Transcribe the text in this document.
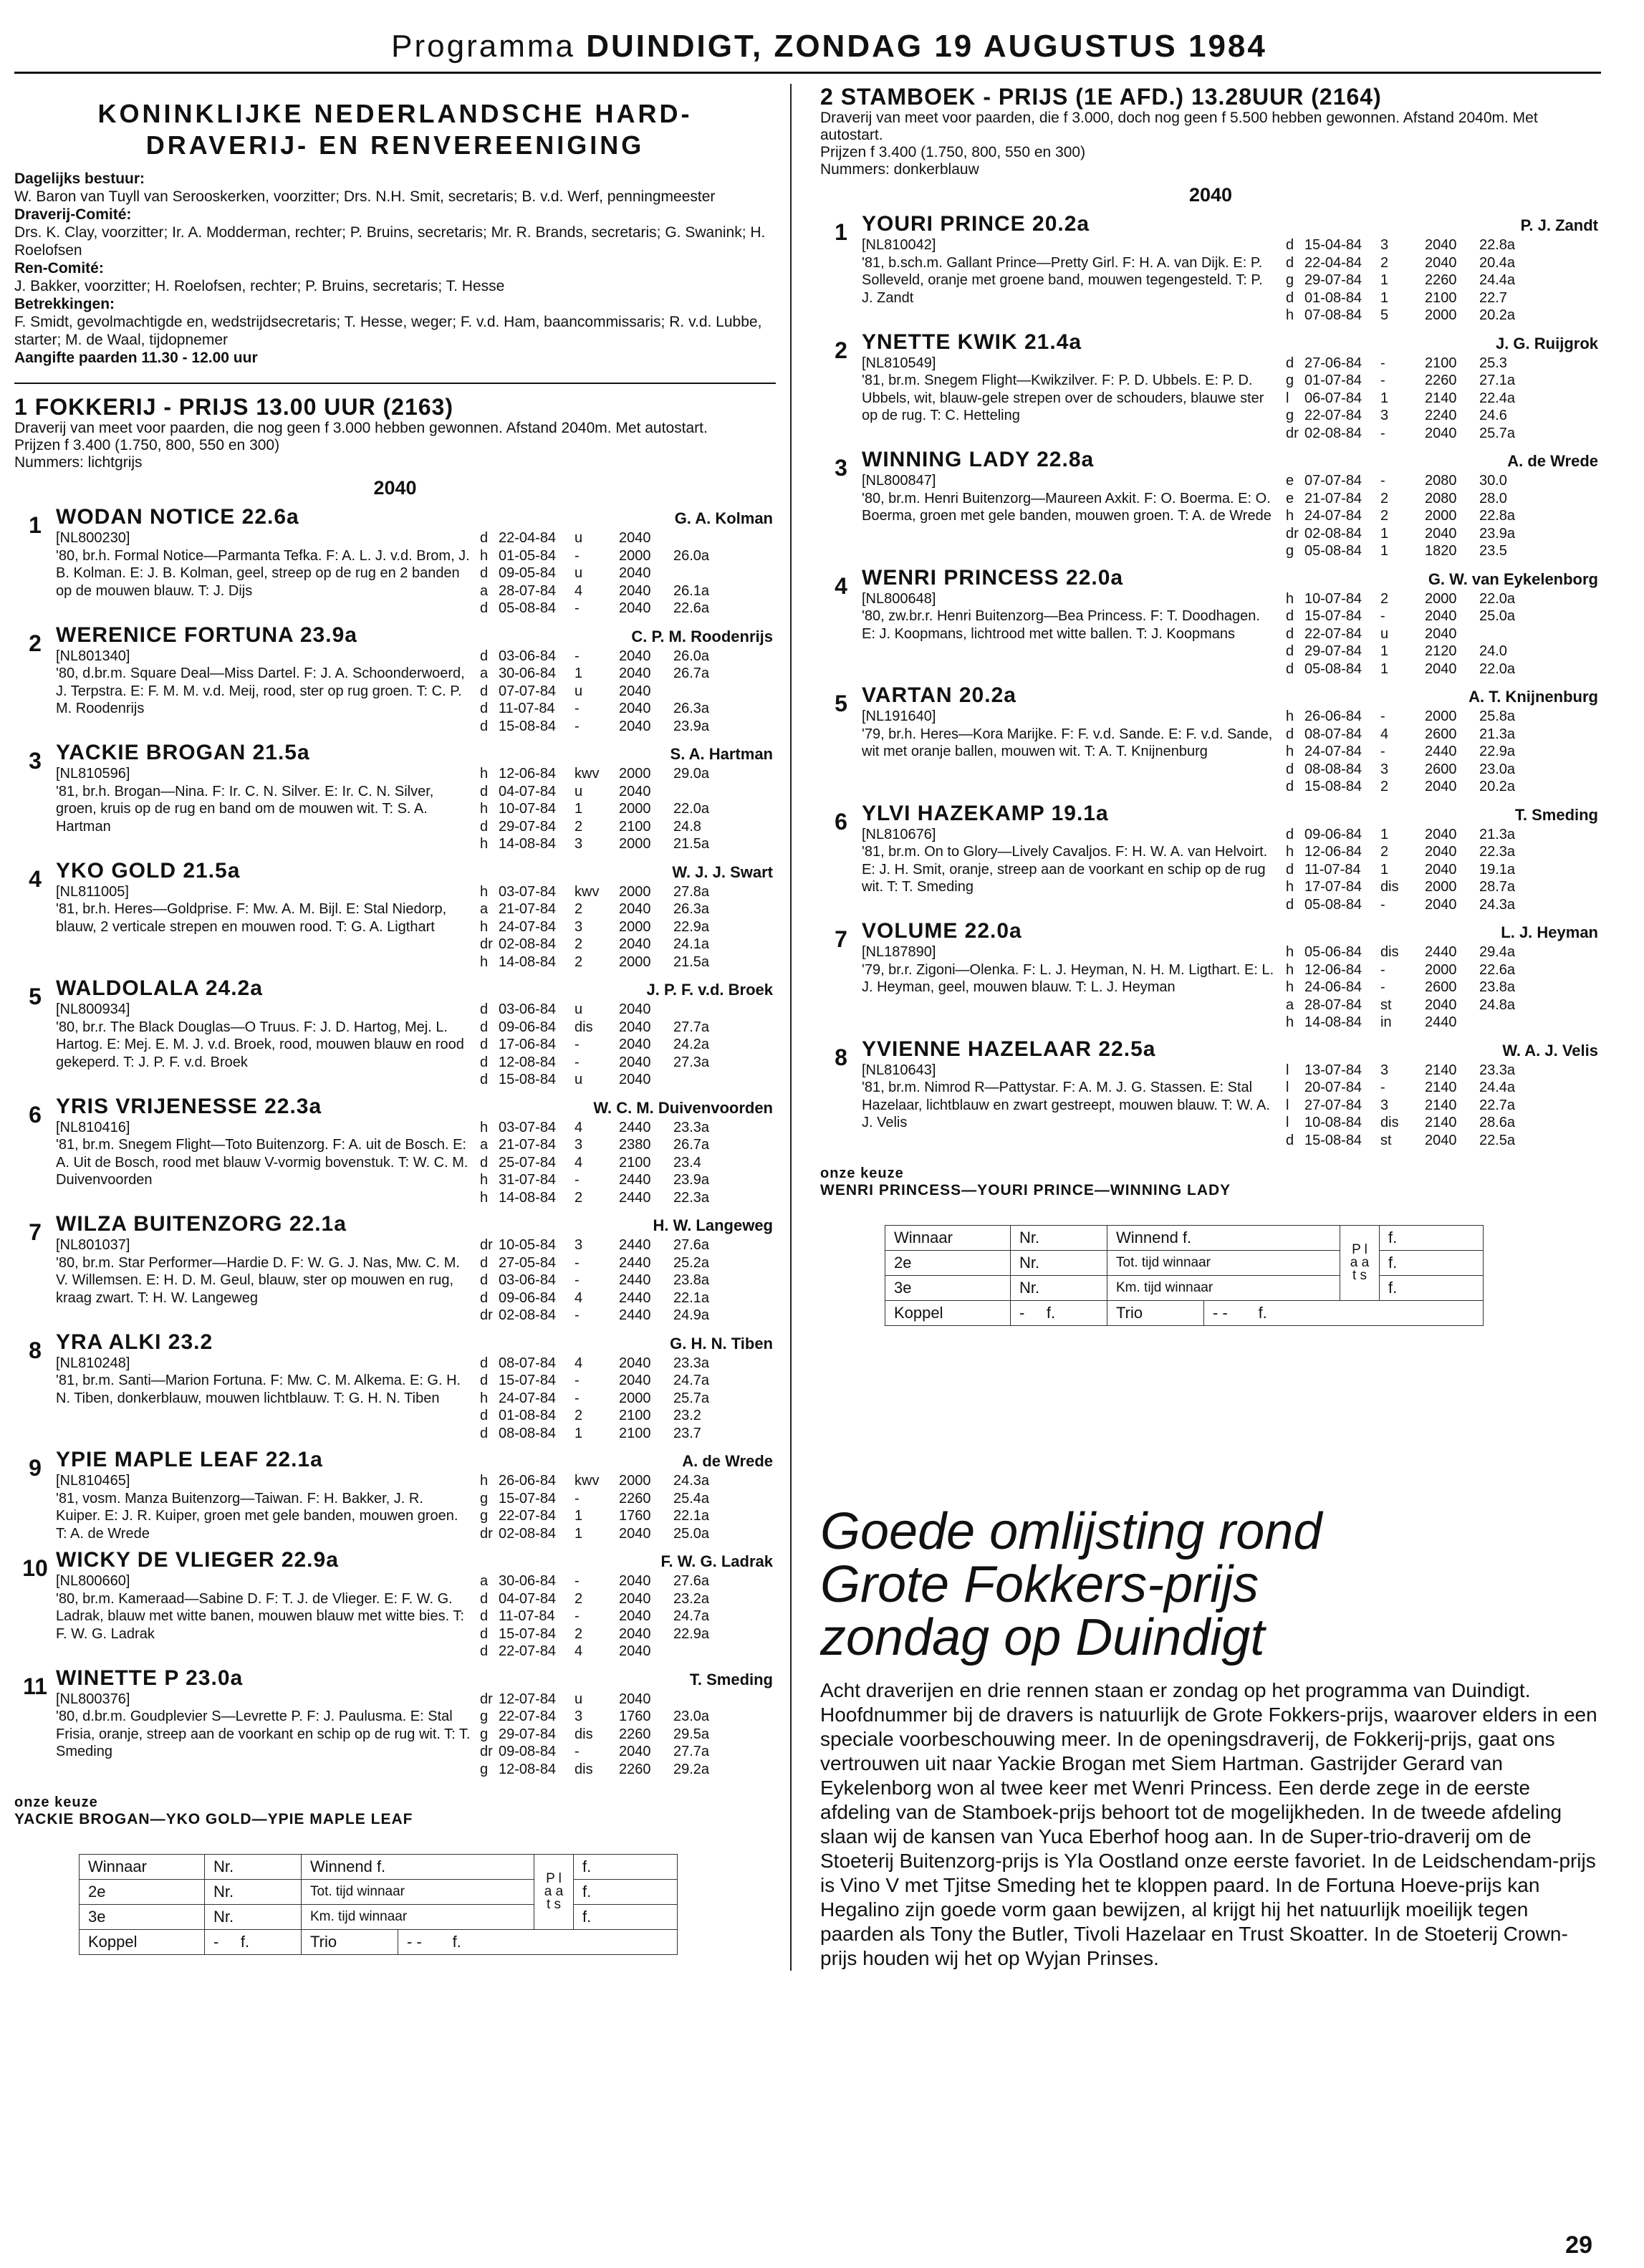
Programma DUINDIGT, ZONDAG 19 AUGUSTUS 1984
KONINKLIJKE NEDERLANDSCHE HARD-
DRAVERIJ- EN RENVEREENIGING
Dagelijks bestuur:
W. Baron van Tuyll van Serooskerken, voorzitter; Drs. N.H. Smit, secretaris; B. v.d. Werf, penningmeester
Draverij-Comité:
Drs. K. Clay, voorzitter; Ir. A. Modderman, rechter; P. Bruins, secretaris; Mr. R. Brands, secretaris; G. Swanink; H. Roelofsen
Ren-Comité:
J. Bakker, voorzitter; H. Roelofsen, rechter; P. Bruins, secretaris; T. Hesse
Betrekkingen:
F. Smidt, gevolmachtigde en, wedstrijdsecretaris; T. Hesse, weger; F. v.d. Ham, baancommissaris; R. v.d. Lubbe, starter; M. de Waal, tijdopnemer
Aangifte paarden 11.30 - 12.00 uur
1 FOKKERIJ - PRIJS 13.00 UUR (2163)
Draverij van meet voor paarden, die nog geen f 3.000 hebben gewonnen. Afstand 2040m. Met autostart.
Prijzen f 3.400 (1.750, 800, 550 en 300)
Nummers: lichtgrijs
2040
1 WODAN NOTICE 22.6a	G. A. Kolman
[NL800230]
'80, br.h. Formal Notice—Parmanta Tefka. F: A. L. J. v.d. Brom, J. B. Kolman. E: J. B. Kolman, geel, streep op de rug en 2 banden op de mouwen blauw. T: J. Dijs
d 22-04-84	u	2040
h 01-05-84	-	2000	26.0a
d 09-05-84	u	2040
a 28-07-84	4	2040	26.1a
d 05-08-84	-	2040	22.6a
2 WERENICE FORTUNA 23.9a	C. P. M. Roodenrijs
[NL801340]
'80, d.br.m. Square Deal—Miss Dartel. F: J. A. Schoonderwoerd, J. Terpstra. E: F. M. M. v.d. Meij, rood, ster op rug groen. T: C. P. M. Roodenrijs
d 03-06-84	-	2040	26.0a
a 30-06-84	1	2040	26.7a
d 07-07-84	u	2040
d 11-07-84	-	2040	26.3a
d 15-08-84	-	2040	23.9a
3 YACKIE BROGAN 21.5a	S. A. Hartman
[NL810596]
'81, br.h. Brogan—Nina. F: Ir. C. N. Silver. E: Ir. C. N. Silver, groen, kruis op de rug en band om de mouwen wit. T: S. A. Hartman
h 12-06-84	kwv	2000	29.0a
d 04-07-84	u	2040
h 10-07-84	1	2000	22.0a
d 29-07-84	2	2100	24.8
h 14-08-84	3	2000	21.5a
4 YKO GOLD 21.5a	W. J. J. Swart
[NL811005]
'81, br.h. Heres—Goldprise. F: Mw. A. M. Bijl. E: Stal Niedorp, blauw, 2 verticale strepen en mouwen rood. T: G. A. Ligthart
h 03-07-84	kwv	2000	27.8a
a 21-07-84	2	2040	26.3a
h 24-07-84	3	2000	22.9a
dr 02-08-84	2	2040	24.1a
h 14-08-84	2	2000	21.5a
5 WALDOLALA 24.2a	J. P. F. v.d. Broek
[NL800934]
'80, br.r. The Black Douglas—O Truus. F: J. D. Hartog, Mej. L. Hartog. E: Mej. E. M. J. v.d. Broek, rood, mouwen blauw en rood gekeperd. T: J. P. F. v.d. Broek
d 03-06-84	u	2040
d 09-06-84	dis	2040	27.7a
d 17-06-84	-	2040	24.2a
d 12-08-84	-	2040	27.3a
d 15-08-84	u	2040
6 YRIS VRIJENESSE 22.3a	W. C. M. Duivenvoorden
[NL810416]
'81, br.m. Snegem Flight—Toto Buitenzorg. F: A. uit de Bosch. E: A. Uit de Bosch, rood met blauw V-vormig bovenstuk. T: W. C. M. Duivenvoorden
h 03-07-84	4	2440	23.3a
a 21-07-84	3	2380	26.7a
d 25-07-84	4	2100	23.4
h 31-07-84	-	2440	23.9a
h 14-08-84	2	2440	22.3a
7 WILZA BUITENZORG 22.1a	H. W. Langeweg
[NL801037]
'80, br.m. Star Performer—Hardie D. F: W. G. J. Nas, Mw. C. M. V. Willemsen. E: H. D. M. Geul, blauw, ster op mouwen en rug, kraag zwart. T: H. W. Langeweg
dr 10-05-84	3	2440	27.6a
d 27-05-84	-	2440	25.2a
d 03-06-84	-	2440	23.8a
d 09-06-84	4	2440	22.1a
dr 02-08-84	-	2440	24.9a
8 YRA ALKI 23.2	G. H. N. Tiben
[NL810248]
'81, br.m. Santi—Marion Fortuna. F: Mw. C. M. Alkema. E: G. H. N. Tiben, donkerblauw, mouwen lichtblauw. T: G. H. N. Tiben
d 08-07-84	4	2040	23.3a
d 15-07-84	-	2040	24.7a
h 24-07-84	-	2000	25.7a
d 01-08-84	2	2100	23.2
d 08-08-84	1	2100	23.7
9 YPIE MAPLE LEAF 22.1a	A. de Wrede
[NL810465]
'81, vosm. Manza Buitenzorg—Taiwan. F: H. Bakker, J. R. Kuiper. E: J. R. Kuiper, groen met gele banden, mouwen groen. T: A. de Wrede
h 26-06-84	kwv	2000	24.3a
g 15-07-84	-	2260	25.4a
g 22-07-84	1	1760	22.1a
dr 02-08-84	1	2040	25.0a
10 WICKY DE VLIEGER 22.9a	F. W. G. Ladrak
[NL800660]
'80, br.m. Kameraad—Sabine D. F: T. J. de Vlieger. E: F. W. G. Ladrak, blauw met witte banen, mouwen blauw met witte bies. T: F. W. G. Ladrak
a 30-06-84	-	2040	27.6a
d 04-07-84	2	2040	23.2a
d 11-07-84	-	2040	24.7a
d 15-07-84	2	2040	22.9a
d 22-07-84	4	2040
11 WINETTE P 23.0a	T. Smeding
[NL800376]
'80, d.br.m. Goudplevier S—Levrette P. F: J. Paulusma. E: Stal Frisia, oranje, streep aan de voorkant en schip op de rug wit. T: T. Smeding
dr 12-07-84	u	2040
g 22-07-84	3	1760	23.0a
g 29-07-84	dis	2260	29.5a
dr 09-08-84	-	2040	27.7a
g 12-08-84	dis	2260	29.2a
onze keuze
YACKIE BROGAN—YKO GOLD—YPIE MAPLE LEAF
Winnaar	Nr.	Winnend f.		P l a a t s	f.
2e	Nr.	Tot. tijd winnaar			f.
3e	Nr.	Km. tijd winnaar			f.
Koppel	- f.	Trio	- - f.		
2 STAMBOEK - PRIJS (1E AFD.) 13.28UUR (2164)
Draverij van meet voor paarden, die f 3.000, doch nog geen f 5.500 hebben gewonnen. Afstand 2040m. Met autostart.
Prijzen f 3.400 (1.750, 800, 550 en 300)
Nummers: donkerblauw
2040
1 YOURI PRINCE 20.2a	P. J. Zandt
[NL810042]
'81, b.sch.m. Gallant Prince—Pretty Girl. F: H. A. van Dijk. E: P. Solleveld, oranje met groene band, mouwen tegengesteld. T: P. J. Zandt
d 15-04-84	3	2040	22.8a
d 22-04-84	2	2040	20.4a
g 29-07-84	1	2260	24.4a
d 01-08-84	1	2100	22.7
h 07-08-84	5	2000	20.2a
2 YNETTE KWIK 21.4a	J. G. Ruijgrok
[NL810549]
'81, br.m. Snegem Flight—Kwikzilver. F: P. D. Ubbels. E: P. D. Ubbels, wit, blauw-gele strepen over de schouders, blauwe ster op de rug. T: C. Hetteling
d 27-06-84	-	2100	25.3
g 01-07-84	-	2260	27.1a
l	06-07-84	1	2140	22.4a
g 22-07-84	3	2240	24.6
dr 02-08-84	-	2040	25.7a
3 WINNING LADY 22.8a	A. de Wrede
[NL800847]
'80, br.m. Henri Buitenzorg—Maureen Axkit. F: O. Boerma. E: O. Boerma, groen met gele banden, mouwen groen. T: A. de Wrede
e 07-07-84	-	2080	30.0
e 21-07-84	2	2080	28.0
h 24-07-84	2	2000	22.8a
dr 02-08-84	1	2040	23.9a
g 05-08-84	1	1820	23.5
4 WENRI PRINCESS 22.0a	G. W. van Eykelenborg
[NL800648]
'80, zw.br.r. Henri Buitenzorg—Bea Princess. F: T. Doodhagen. E: J. Koopmans, lichtrood met witte ballen. T: J. Koopmans
h 10-07-84	2	2000	22.0a
d 15-07-84	-	2040	25.0a
d 22-07-84	u	2040
d 29-07-84	1	2120	24.0
d 05-08-84	1	2040	22.0a
5 VARTAN 20.2a	A. T. Knijnenburg
[NL191640]
'79, br.h. Heres—Kora Marijke. F: F. v.d. Sande. E: F. v.d. Sande, wit met oranje ballen, mouwen wit. T: A. T. Knijnenburg
h 26-06-84	-	2000	25.8a
d 08-07-84	4	2600	21.3a
h 24-07-84	-	2440	22.9a
d 08-08-84	3	2600	23.0a
d 15-08-84	2	2040	20.2a
6 YLVI HAZEKAMP 19.1a	T. Smeding
[NL810676]
'81, br.m. On to Glory—Lively Cavaljos. F: H. W. A. van Helvoirt. E: J. H. Smit, oranje, streep aan de voorkant en schip op de rug wit. T: T. Smeding
d 09-06-84	1	2040	21.3a
h 12-06-84	2	2040	22.3a
d 11-07-84	1	2040	19.1a
h 17-07-84	dis	2000	28.7a
d 05-08-84	-	2040	24.3a
7 VOLUME 22.0a	L. J. Heyman
[NL187890]
'79, br.r. Zigoni—Olenka. F: L. J. Heyman, N. H. M. Ligthart. E: L. J. Heyman, geel, mouwen blauw. T: L. J. Heyman
h 05-06-84	dis	2440	29.4a
h 12-06-84	-	2000	22.6a
h 24-06-84	-	2600	23.8a
a 28-07-84	st	2040	24.8a
h 14-08-84	in	2440
8 YVIENNE HAZELAAR 22.5a	W. A. J. Velis
[NL810643]
'81, br.m. Nimrod R—Pattystar. F: A. M. J. G. Stassen. E: Stal Hazelaar, lichtblauw en zwart gestreept, mouwen blauw. T: W. A. J. Velis
l	13-07-84	3	2140	23.3a
l	20-07-84	-	2140	24.4a
l	27-07-84	3	2140	22.7a
l	10-08-84	dis	2140	28.6a
d 15-08-84	st	2040	22.5a
onze keuze
WENRI PRINCESS—YOURI PRINCE—WINNING LADY
Winnaar	Nr.	Winnend f.		P l a a t s	f.
2e	Nr.	Tot. tijd winnaar			f.
3e	Nr.	Km. tijd winnaar			f.
Koppel	- f.	Trio	- - f.		
Goede omlijsting rond
Grote Fokkers-prijs
zondag op Duindigt
Acht draverijen en drie rennen staan er zondag op het programma van Duindigt. Hoofdnummer bij de dravers is natuurlijk de Grote Fokkers-prijs, waarover elders in een speciale voorbeschouwing meer. In de openingsdraverij, de Fokkerij-prijs, gaat ons vertrouwen uit naar Yackie Brogan met Siem Hartman. Gastrijder Gerard van Eykelenborg won al twee keer met Wenri Princess. Een derde zege in de eerste afdeling van de Stamboek-prijs behoort tot de mogelijkheden. In de tweede afdeling slaan wij de kansen van Yuca Eberhof hoog aan. In de Super-trio-draverij om de Stoeterij Buitenzorg-prijs is Yla Oostland onze eerste favoriet. In de Leidschendam-prijs is Vino V met Tjitse Smeding het te kloppen paard. In de Fortuna Hoeve-prijs kan Hegalino zijn goede vorm gaan bewijzen, al krijgt hij het natuurlijk moeilijk tegen paarden als Tony the Butler, Tivoli Hazelaar en Trust Skoatter. In de Stoeterij Crown-prijs houden wij het op Wyjan Prinses.
29
